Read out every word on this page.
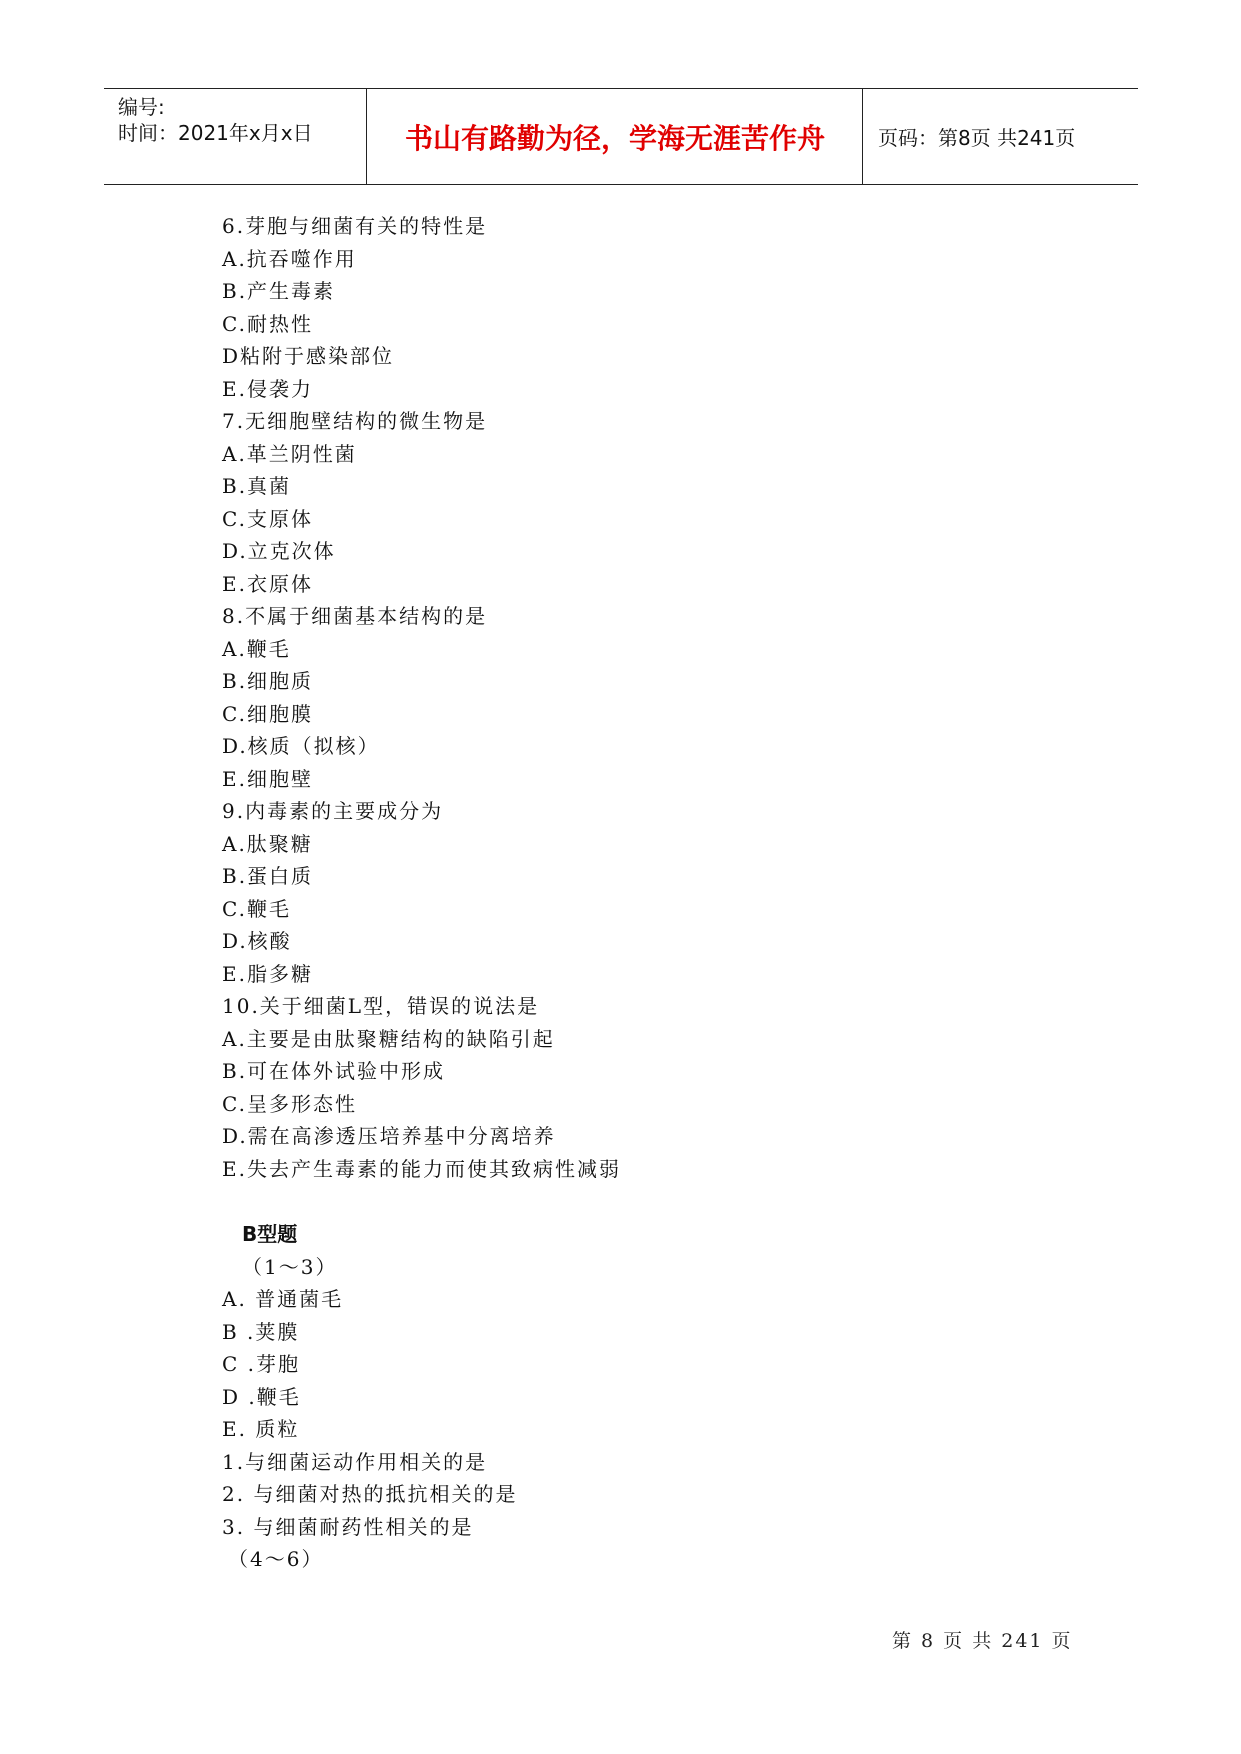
编号:
时间：2021年x月x日	书山有路勤为径，学海无涯苦作舟	页码：第8页 共241页
6.芽胞与细菌有关的特性是
A.抗吞噬作用
B.产生毒素
C.耐热性
D粘附于感染部位
E.侵袭力
7.无细胞壁结构的微生物是
A.革兰阴性菌
B.真菌
C.支原体
D.立克次体
E.衣原体
8.不属于细菌基本结构的是
A.鞭毛
B.细胞质
C.细胞膜
D.核质（拟核）
E.细胞壁
9.内毒素的主要成分为
A.肽聚糖
B.蛋白质
C.鞭毛
D.核酸
E.脂多糖
10.关于细菌L型，错误的说法是
A.主要是由肽聚糖结构的缺陷引起
B.可在体外试验中形成
C.呈多形态性
D.需在高渗透压培养基中分离培养
E.失去产生毒素的能力而使其致病性减弱
B型题
（1～3）
A. 普通菌毛
B .荚膜
C .芽胞
D .鞭毛
E. 质粒
1.与细菌运动作用相关的是
2. 与细菌对热的抵抗相关的是
3. 与细菌耐药性相关的是
（4～6）
第 8 页 共 241 页
